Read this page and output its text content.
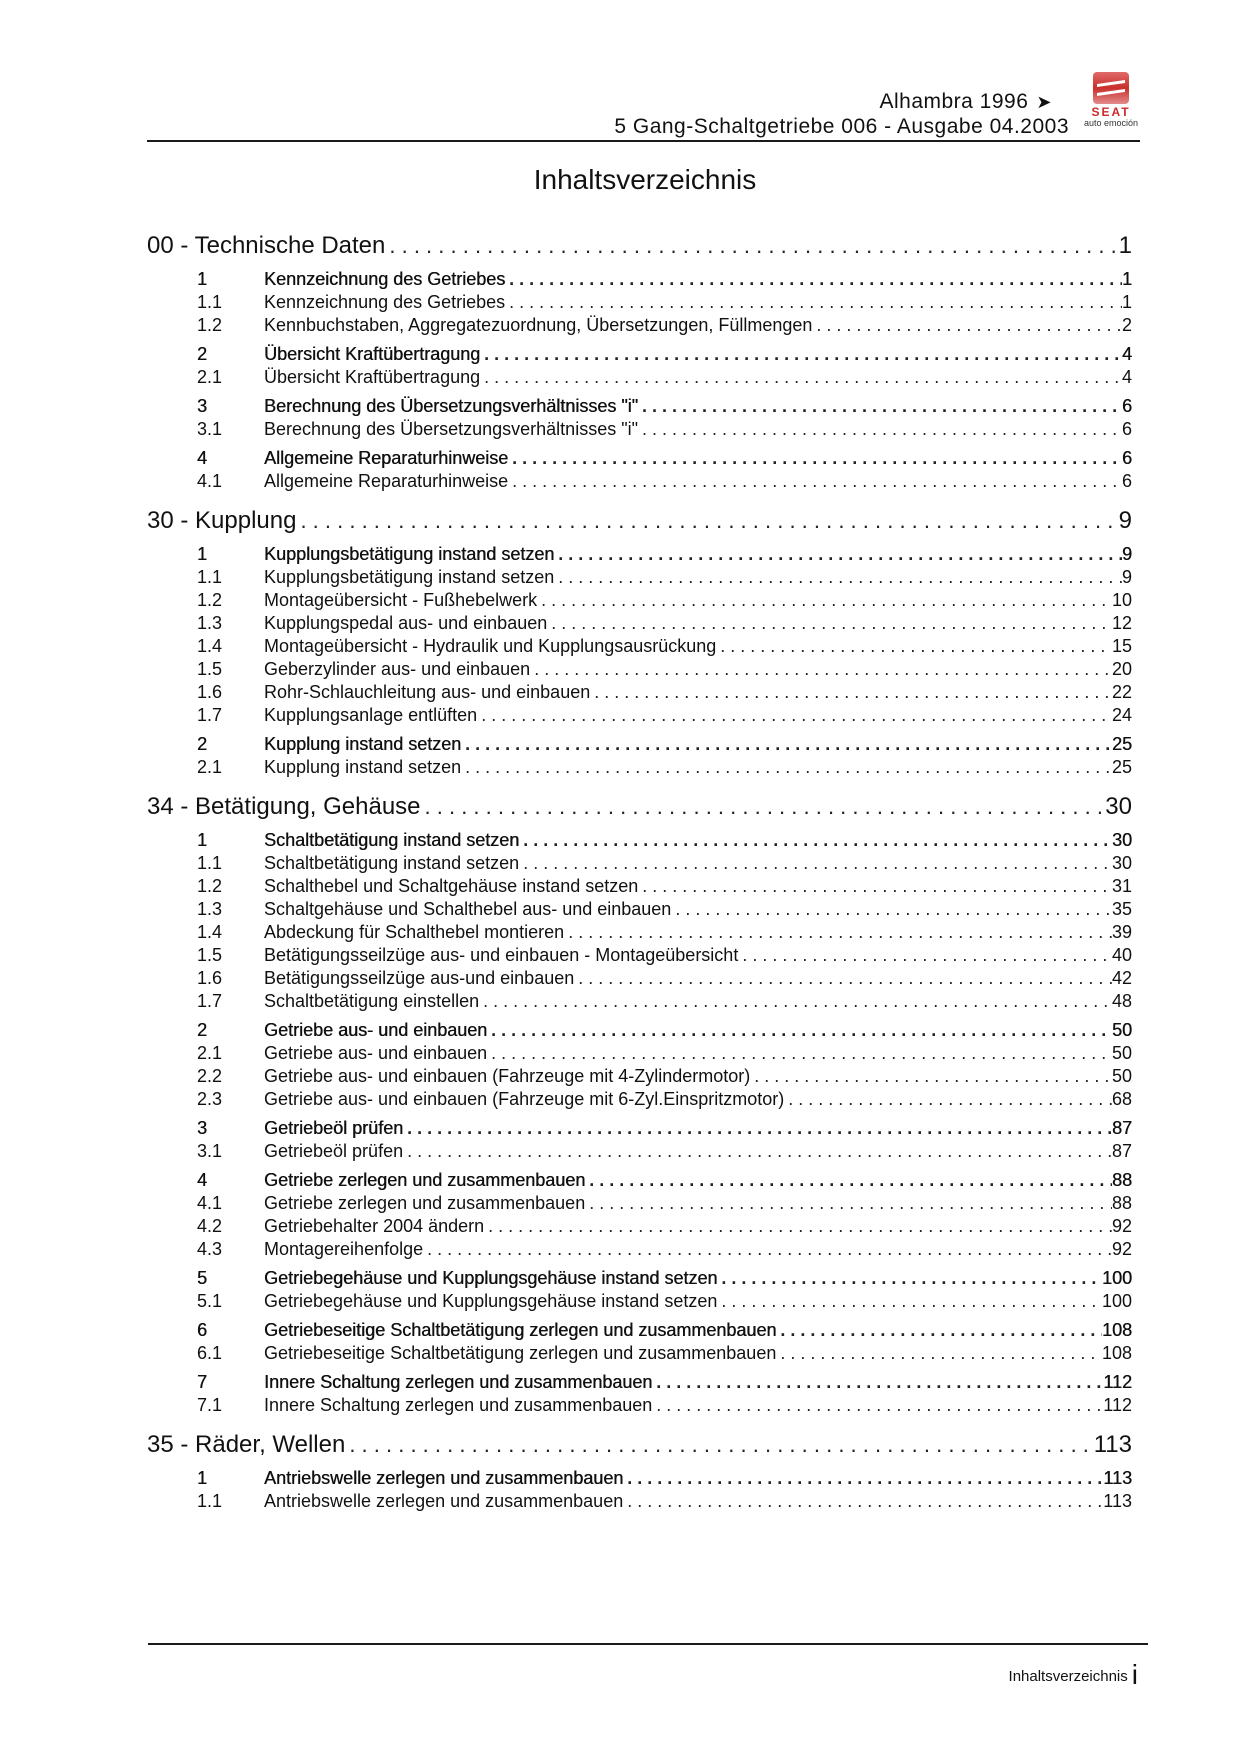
Alhambra 1996 ➤
5 Gang-Schaltgetriebe 006 - Ausgabe 04.2003
SEAT
auto emoción
Inhaltsverzeichnis
00 - Technische Daten . . .	1
1	Kennzeichnung des Getriebes . . .	1
1.1	Kennzeichnung des Getriebes . . .	1
1.2	Kennbuchstaben, Aggregatezuordnung, Übersetzungen, Füllmengen . . .	2
2	Übersicht Kraftübertragung . . .	4
2.1	Übersicht Kraftübertragung . . .	4
3	Berechnung des Übersetzungsverhältnisses "i" . . .	6
3.1	Berechnung des Übersetzungsverhältnisses "i" . . .	6
4	Allgemeine Reparaturhinweise . . .	6
4.1	Allgemeine Reparaturhinweise . . .	6
30 - Kupplung . . .	9
1	Kupplungsbetätigung instand setzen . . .	9
1.1	Kupplungsbetätigung instand setzen . . .	9
1.2	Montageübersicht - Fußhebelwerk . . .	10
1.3	Kupplungspedal aus- und einbauen . . .	12
1.4	Montageübersicht - Hydraulik und Kupplungsausrückung . . .	15
1.5	Geberzylinder aus- und einbauen . . .	20
1.6	Rohr-Schlauchleitung aus- und einbauen . . .	22
1.7	Kupplungsanlage entlüften . . .	24
2	Kupplung instand setzen . . .	25
2.1	Kupplung instand setzen . . .	25
34 - Betätigung, Gehäuse . . .	30
1	Schaltbetätigung instand setzen . . .	30
1.1	Schaltbetätigung instand setzen . . .	30
1.2	Schalthebel und Schaltgehäuse instand setzen . . .	31
1.3	Schaltgehäuse und Schalthebel aus- und einbauen . . .	35
1.4	Abdeckung für Schalthebel montieren . . .	39
1.5	Betätigungsseilzüge aus- und einbauen - Montageübersicht . . .	40
1.6	Betätigungsseilzüge aus-und einbauen . . .	42
1.7	Schaltbetätigung einstellen . . .	48
2	Getriebe aus- und einbauen . . .	50
2.1	Getriebe aus- und einbauen . . .	50
2.2	Getriebe aus- und einbauen (Fahrzeuge mit 4-Zylindermotor) . . .	50
2.3	Getriebe aus- und einbauen (Fahrzeuge mit 6-Zyl.Einspritzmotor) . . .	68
3	Getriebeöl prüfen . . .	87
3.1	Getriebeöl prüfen . . .	87
4	Getriebe zerlegen und zusammenbauen . . .	88
4.1	Getriebe zerlegen und zusammenbauen . . .	88
4.2	Getriebehalter 2004 ändern . . .	92
4.3	Montagereihenfolge . . .	92
5	Getriebegehäuse und Kupplungsgehäuse instand setzen . . .	100
5.1	Getriebegehäuse und Kupplungsgehäuse instand setzen . . .	100
6	Getriebeseitige Schaltbetätigung zerlegen und zusammenbauen . . .	108
6.1	Getriebeseitige Schaltbetätigung zerlegen und zusammenbauen . . .	108
7	Innere Schaltung zerlegen und zusammenbauen . . .	112
7.1	Innere Schaltung zerlegen und zusammenbauen . . .	112
35 - Räder, Wellen . . .	113
1	Antriebswelle zerlegen und zusammenbauen . . .	113
1.1	Antriebswelle zerlegen und zusammenbauen . . .	113
Inhaltsverzeichnis i
